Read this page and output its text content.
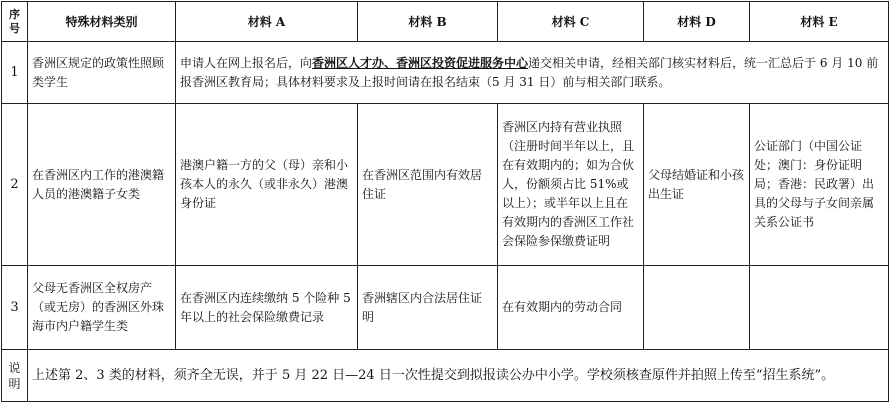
序号	特殊材料类别	材料 A	材料 B	材料 C	材料 D	材料 E
1	香洲区规定的政策性照顾类学生	申请人在网上报名后，向香洲区人才办、香洲区投资促进服务中心递交相关申请，经相关部门核实材料后，统一汇总后于 6 月 10 前报香洲区教育局；具体材料要求及上报时间请在报名结束（5 月 31 日）前与相关部门联系。				
2	在香洲区内工作的港澳籍人员的港澳籍子女类	港澳户籍一方的父（母）亲和小孩本人的永久（或非永久）港澳身份证	在香洲区范围内有效居住证	香洲区内持有营业执照（注册时间半年以上，且在有效期内的；如为合伙人，份额须占比 51%或以上）；或半年以上且在有效期内的香洲区工作社会保险参保缴费证明	父母结婚证和小孩出生证	公证部门（中国公证处；澳门：身份证明局；香港：民政署）出具的父母与子女间亲属关系公证书
3	父母无香洲区全权房产（或无房）的香洲区外珠海市内户籍学生类	在香洲区内连续缴纳 5 个险种 5 年以上的社会保险缴费记录	香洲辖区内合法居住证明	在有效期内的劳动合同		
说明	上述第 2、3 类的材料，须齐全无误，并于 5 月 22 日—24 日一次性提交到拟报读公办中小学。学校须核查原件并拍照上传至“招生系统”。					
